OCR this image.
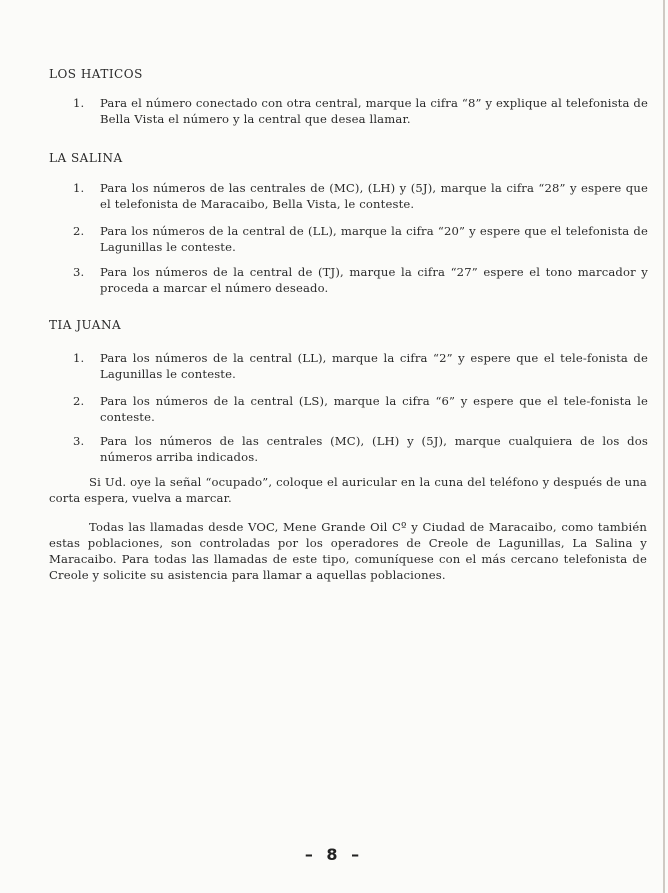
LOS HATICOS
1. Para el número conectado con otra central, marque la cifra “8” y explique al telefonista de Bella Vista el número y la central que desea llamar.
LA SALINA
1. Para los números de las centrales de (MC), (LH) y (5J), marque la cifra “28” y espere que el telefonista de Maracaibo, Bella Vista, le conteste.
2. Para los números de la central de (LL), marque la cifra “20” y espere que el telefonista de Lagunillas le conteste.
3. Para los números de la central de (TJ), marque la cifra “27” espere el tono marcador y proceda a marcar el número deseado.
TIA JUANA
1. Para los números de la central (LL), marque la cifra “2” y espere que el tele-fonista de Lagunillas le conteste.
2. Para los números de la central (LS), marque la cifra “6” y espere que el tele-fonista le conteste.
3. Para los números de las centrales (MC), (LH) y (5J), marque cualquiera de los dos números arriba indicados.
Si Ud. oye la señal “ocupado”, coloque el auricular en la cuna del teléfono y después de una corta espera, vuelva a marcar.
Todas las llamadas desde VOC, Mene Grande Oil Cº y Ciudad de Maracaibo, como también estas poblaciones, son controladas por los operadores de Creole de Lagunillas, La Salina y Maracaibo. Para todas las llamadas de este tipo, comuníquese con el más cercano telefonista de Creole y solicite su asistencia para llamar a aquellas poblaciones.
– 8 –
